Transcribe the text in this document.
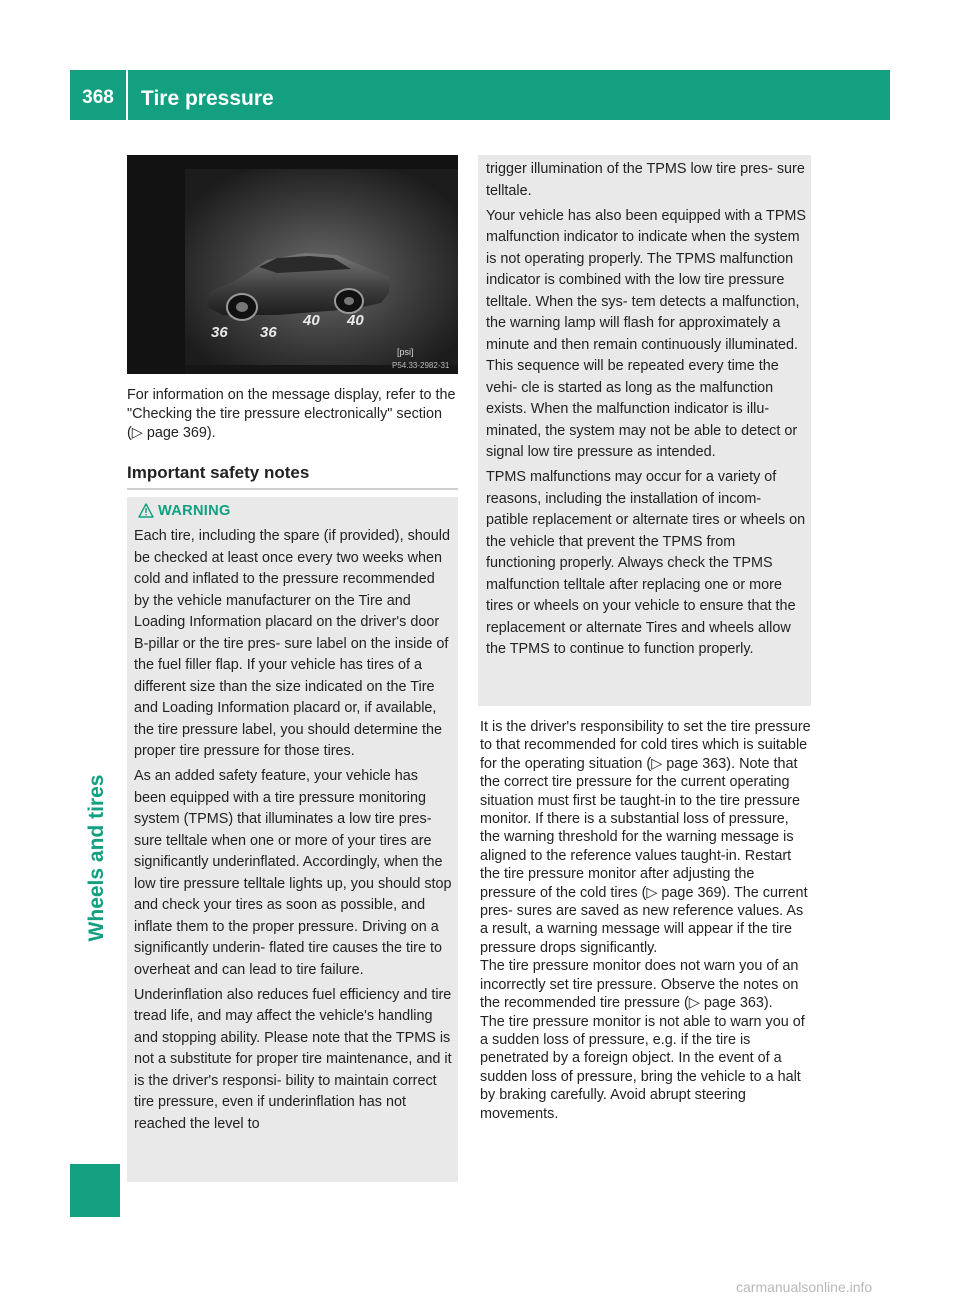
368	Tire pressure
Wheels and tires
36 36
40 40
[psi]
P54.33-2982-31
For information on the message display, refer to the "Checking the tire pressure electronically" section (▷ page 369).
Important safety notes
WARNING

Each tire, including the spare (if provided), should be checked at least once every two weeks when cold and inflated to the pressure recommended by the vehicle manufacturer on the Tire and Loading Information placard on the driver's door B-pillar or the tire pres- sure label on the inside of the fuel filler flap. If your vehicle has tires of a different size than the size indicated on the Tire and Loading Information placard or, if available, the tire pressure label, you should determine the proper tire pressure for those tires.

As an added safety feature, your vehicle has been equipped with a tire pressure monitoring system (TPMS) that illuminates a low tire pres- sure telltale when one or more of your tires are significantly underinflated. Accordingly, when the low tire pressure telltale lights up, you should stop and check your tires as soon as possible, and inflate them to the proper pressure. Driving on a significantly underin- flated tire causes the tire to overheat and can lead to tire failure.

Underinflation also reduces fuel efficiency and tire tread life, and may affect the vehicle's handling and stopping ability. Please note that the TPMS is not a substitute for proper tire maintenance, and it is the driver's responsi- bility to maintain correct tire pressure, even if underinflation has not reached the level to

trigger illumination of the TPMS low tire pres- sure telltale.

Your vehicle has also been equipped with a TPMS malfunction indicator to indicate when the system is not operating properly. The TPMS malfunction indicator is combined with the low tire pressure telltale. When the sys- tem detects a malfunction, the warning lamp will flash for approximately a minute and then remain continuously illuminated. This sequence will be repeated every time the vehi- cle is started as long as the malfunction exists. When the malfunction indicator is illu- minated, the system may not be able to detect or signal low tire pressure as intended.

TPMS malfunctions may occur for a variety of reasons, including the installation of incom- patible replacement or alternate tires or wheels on the vehicle that prevent the TPMS from functioning properly. Always check the TPMS malfunction telltale after replacing one or more tires or wheels on your vehicle to ensure that the replacement or alternate Tires and wheels allow the TPMS to continue to function properly.

It is the driver's responsibility to set the tire pressure to that recommended for cold tires which is suitable for the operating situation (▷ page 363). Note that the correct tire pressure for the current operating situation must first be taught-in to the tire pressure monitor. If there is a substantial loss of pressure, the warning threshold for the warning message is aligned to the reference values taught-in. Restart the tire pressure monitor after adjusting the pressure of the cold tires (▷ page 369). The current pres- sures are saved as new reference values. As a result, a warning message will appear if the tire pressure drops significantly.

The tire pressure monitor does not warn you of an incorrectly set tire pressure. Observe the notes on the recommended tire pressure (▷ page 363).

The tire pressure monitor is not able to warn you of a sudden loss of pressure, e.g. if the tire is penetrated by a foreign object. In the event of a sudden loss of pressure, bring the vehicle to a halt by braking carefully. Avoid abrupt steering movements.

carmanualsonline.info
